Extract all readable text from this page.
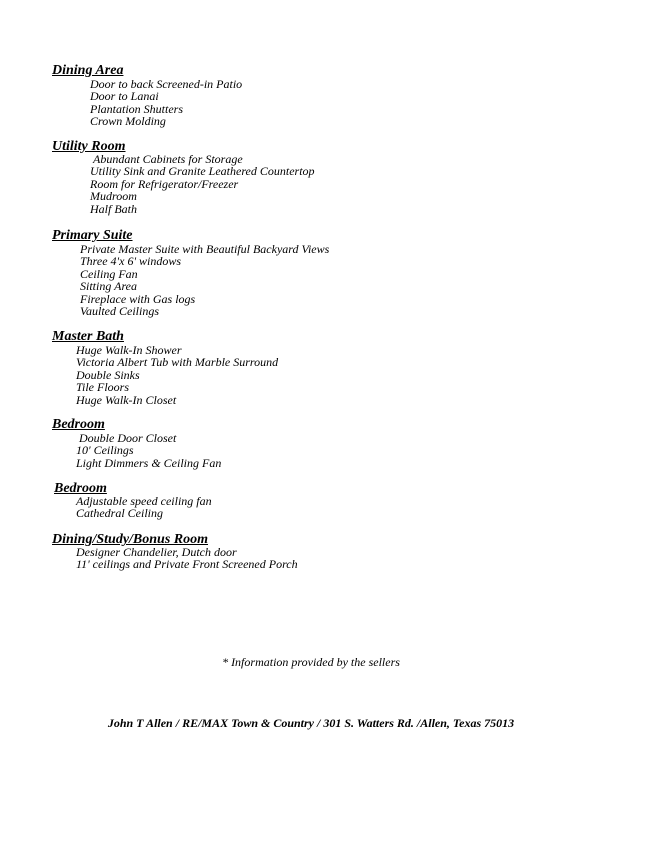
Dining Area
Door to back Screened-in Patio
Door to Lanai
Plantation Shutters
Crown Molding
Utility Room
Abundant Cabinets for Storage
Utility Sink and Granite Leathered Countertop
Room for Refrigerator/Freezer
Mudroom
Half Bath
Primary Suite
Private Master Suite with Beautiful Backyard Views
Three 4'x 6' windows
Ceiling Fan
Sitting Area
Fireplace with Gas logs
Vaulted Ceilings
Master Bath
Huge Walk-In Shower
Victoria Albert Tub with Marble Surround
Double Sinks
Tile Floors
Huge Walk-In Closet
Bedroom
Double Door Closet
10' Ceilings
Light Dimmers & Ceiling Fan
Bedroom
Adjustable speed ceiling fan
Cathedral Ceiling
Dining/Study/Bonus Room
Designer Chandelier, Dutch door
11' ceilings and Private Front Screened Porch
* Information provided by the sellers
John T Allen / RE/MAX Town & Country / 301 S. Watters Rd. /Allen, Texas 75013
